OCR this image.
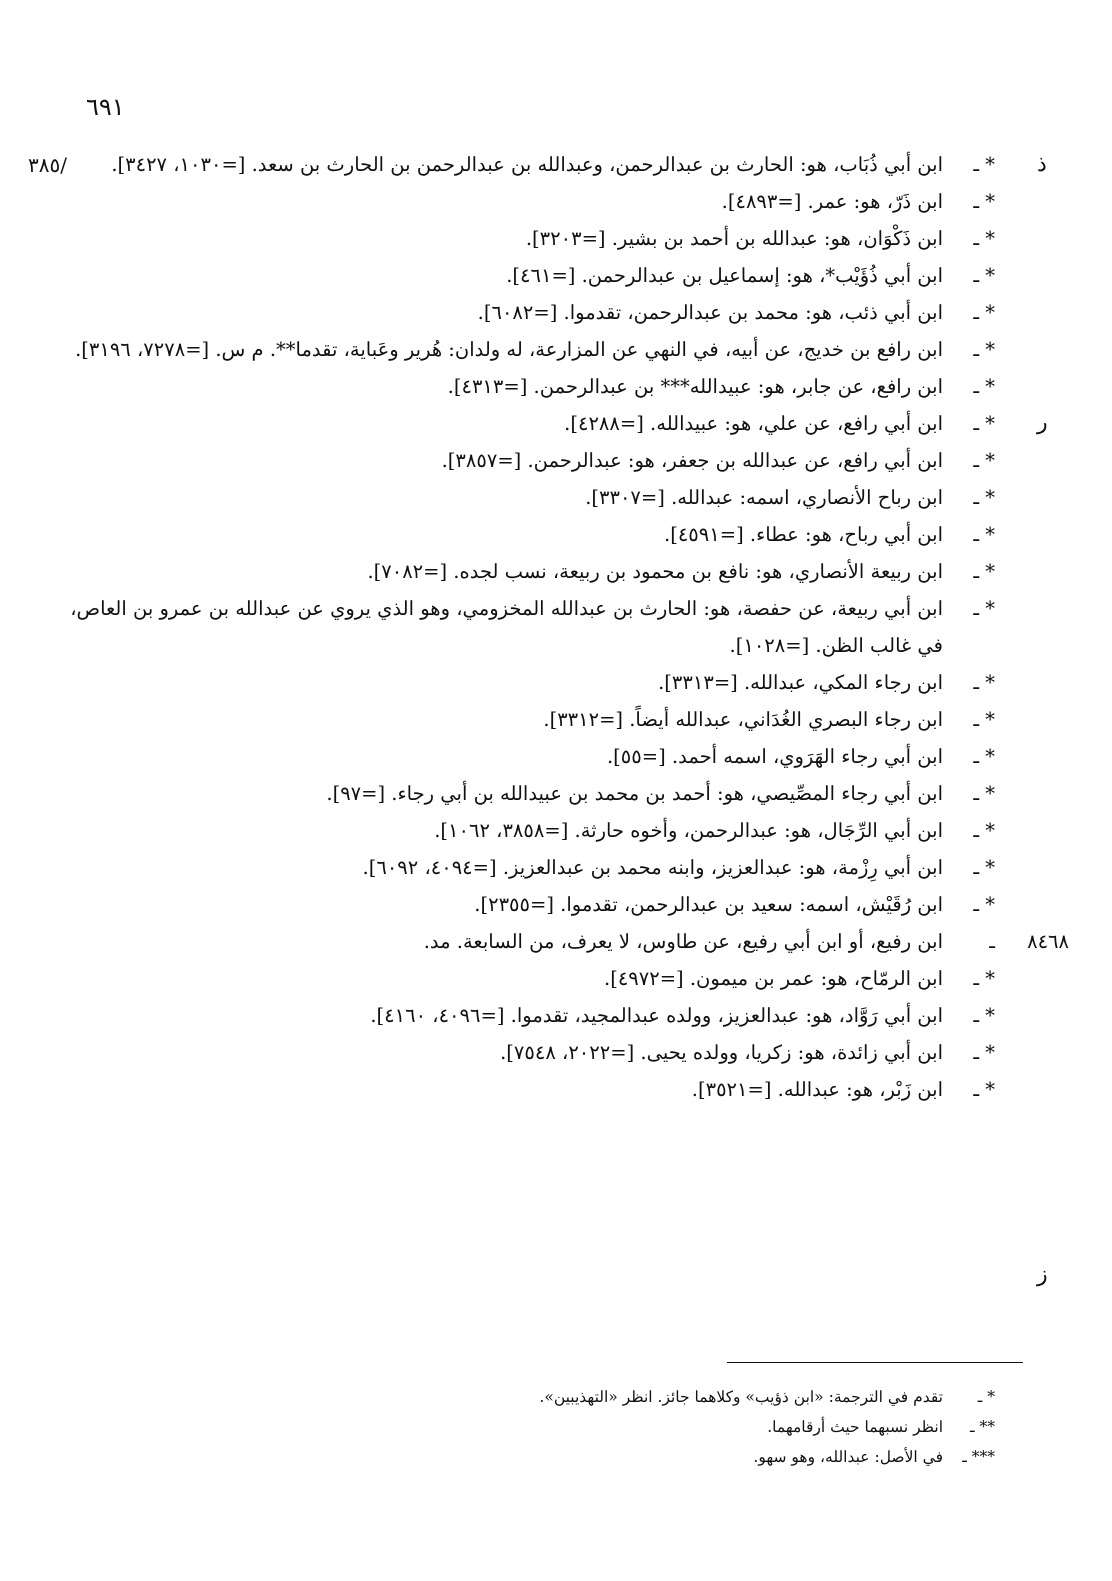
٦٩١
/٣٨٥	ذ
ر
ز
* ـ
ابن أبي ذُبَاب، هو: الحارث بن عبدالرحمن، وعبدالله بن عبدالرحمن بن الحارث بن سعد. [=١٠٣٠، ٣٤٢٧].
* ـ
ابن ذَرّ، هو: عمر. [=٤٨٩٣].
* ـ
ابن ذَكْوَان، هو: عبدالله بن أحمد بن بشير. [=٣٢٠٣].
* ـ
ابن أبي ذُؤَيْب*، هو: إسماعيل بن عبدالرحمن. [=٤٦١].
* ـ
ابن أبي ذئب، هو: محمد بن عبدالرحمن، تقدموا. [=٦٠٨٢].
* ـ
ابن رافع بن خديج، عن أبيه، في النهي عن المزارعة، له ولدان: هُرير وعَباية، تقدما**. م س. [=٧٢٧٨، ٣١٩٦].
* ـ
ابن رافع، عن جابر، هو: عبيدالله*** بن عبدالرحمن. [=٤٣١٣].
* ـ
ابن أبي رافع، عن علي، هو: عبيدالله. [=٤٢٨٨].
* ـ
ابن أبي رافع، عن عبدالله بن جعفر، هو: عبدالرحمن. [=٣٨٥٧].
* ـ
ابن رباح الأنصاري، اسمه: عبدالله. [=٣٣٠٧].
* ـ
ابن أبي رباح، هو: عطاء. [=٤٥٩١].
* ـ
ابن ربيعة الأنصاري، هو: نافع بن محمود بن ربيعة، نسب لجده. [=٧٠٨٢].
* ـ
ابن أبي ربيعة، عن حفصة، هو: الحارث بن عبدالله المخزومي، وهو الذي يروي عن عبدالله بن عمرو بن العاص، في غالب الظن. [=١٠٢٨].
* ـ
ابن رجاء المكي، عبدالله. [=٣٣١٣].
* ـ
ابن رجاء البصري الغُدَاني، عبدالله أيضاً. [=٣٣١٢].
* ـ
ابن أبي رجاء الهَرَوي، اسمه أحمد. [=٥٥].
* ـ
ابن أبي رجاء المصِّيصي، هو: أحمد بن محمد بن عبيدالله بن أبي رجاء. [=٩٧].
* ـ
ابن أبي الرِّجَال، هو: عبدالرحمن، وأخوه حارثة. [=٣٨٥٨، ١٠٦٢].
* ـ
ابن أبي رِزْمة، هو: عبدالعزيز، وابنه محمد بن عبدالعزيز. [=٤٠٩٤، ٦٠٩٢].
* ـ
ابن رُقَيْش، اسمه: سعيد بن عبدالرحمن، تقدموا. [=٢٣٥٥].
٨٤٦٨
ـ
ابن رفيع، أو ابن أبي رفيع، عن طاوس، لا يعرف، من السابعة. مد.
* ـ
ابن الرمّاح، هو: عمر بن ميمون. [=٤٩٧٢].
* ـ
ابن أبي رَوَّاد، هو: عبدالعزيز، وولده عبدالمجيد، تقدموا. [=٤٠٩٦، ٤١٦٠].
* ـ
ابن أبي زائدة، هو: زكريا، وولده يحيى. [=٢٠٢٢، ٧٥٤٨].
* ـ
ابن زَبْر، هو: عبدالله. [=٣٥٢١].
* ـ
تقدم في الترجمة: «ابن ذؤيب» وكلاهما جائز. انظر «التهذيبين».
** ـ
انظر نسبهما حيث أرقامهما.
*** ـ
في الأصل: عبدالله، وهو سهو.
